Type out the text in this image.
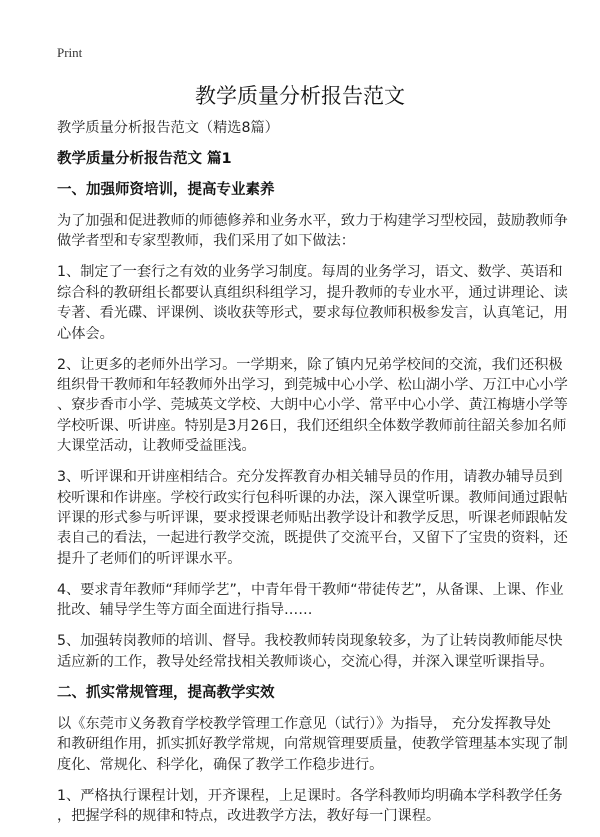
Print
教学质量分析报告范文
教学质量分析报告范文（精选8篇）
教学质量分析报告范文 篇1
一、加强师资培训，提高专业素养
为了加强和促进教师的师德修养和业务水平，致力于构建学习型校园，鼓励教师争
做学者型和专家型教师，我们采用了如下做法：
1、制定了一套行之有效的业务学习制度。每周的业务学习，语文、数学、英语和
综合科的教研组长都要认真组织科组学习，提升教师的专业水平，通过讲理论、读
专著、看光碟、评课例、谈收获等形式，要求每位教师积极参发言，认真笔记，用
心体会。
2、让更多的老师外出学习。一学期来，除了镇内兄弟学校间的交流，我们还积极
组织骨干教师和年轻教师外出学习，到莞城中心小学、松山湖小学、万江中心小学
、寮步香市小学、莞城英文学校、大朗中心小学、常平中心小学、黄江梅塘小学等
学校听课、听讲座。特别是3月26日，我们还组织全体数学教师前往韶关参加名师
大课堂活动，让教师受益匪浅。
3、听评课和开讲座相结合。充分发挥教育办相关辅导员的作用，请教办辅导员到
校听课和作讲座。学校行政实行包科听课的办法，深入课堂听课。教师间通过跟帖
评课的形式参与听评课，要求授课老师贴出教学设计和教学反思，听课老师跟帖发
表自己的看法，一起进行教学交流，既提供了交流平台，又留下了宝贵的资料，还
提升了老师们的听评课水平。
4、要求青年教师“拜师学艺”，中青年骨干教师“带徒传艺”，从备课、上课、作业
批改、辅导学生等方面全面进行指导……
5、加强转岗教师的培训、督导。我校教师转岗现象较多，为了让转岗教师能尽快
适应新的工作，教导处经常找相关教师谈心，交流心得，并深入课堂听课指导。
二、抓实常规管理，提高教学实效
以《东莞市义务教育学校教学管理工作意见（试行）》为指导， 充分发挥教导处
和教研组作用，抓实抓好教学常规，向常规管理要质量，使教学管理基本实现了制
度化、常规化、科学化，确保了教学工作稳步进行。
1、严格执行课程计划，开齐课程，上足课时。各学科教师均明确本学科教学任务
，把握学科的规律和特点，改进教学方法，教好每一门课程。
